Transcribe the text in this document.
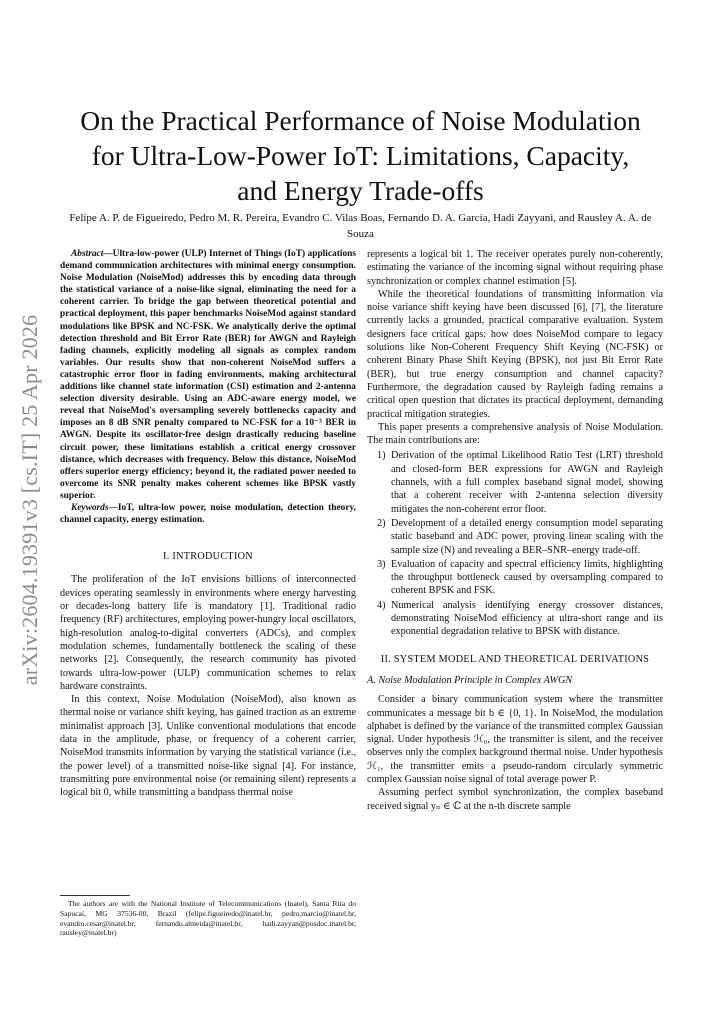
arXiv:2604.19391v3 [cs.IT] 25 Apr 2026
On the Practical Performance of Noise Modulation
for Ultra-Low-Power IoT: Limitations, Capacity,
and Energy Trade-offs
Felipe A. P. de Figueiredo, Pedro M. R. Pereira, Evandro C. Vilas Boas, Fernando D. A. García, Hadi Zayyani, and Rausley A. A. de Souza

Abstract—Ultra-low-power (ULP) Internet of Things (IoT) applications demand communication architectures with minimal energy consumption. Noise Modulation (NoiseMod) addresses this by encoding data through the statistical variance of a noise-like signal, eliminating the need for a coherent carrier. To bridge the gap between theoretical potential and practical deployment, this paper benchmarks NoiseMod against standard modulations like BPSK and NC-FSK. We analytically derive the optimal detection threshold and Bit Error Rate (BER) for AWGN and Rayleigh fading channels, explicitly modeling all signals as complex random variables. Our results show that non-coherent NoiseMod suffers a catastrophic error floor in fading environments, making architectural additions like channel state information (CSI) estimation and 2-antenna selection diversity desirable. Using an ADC-aware energy model, we reveal that NoiseMod's oversampling severely bottlenecks capacity and imposes an 8 dB SNR penalty compared to NC-FSK for a 10⁻³ BER in AWGN. Despite its oscillator-free design drastically reducing baseline circuit power, these limitations establish a critical energy crossover distance, which decreases with frequency. Below this distance, NoiseMod offers superior energy efficiency; beyond it, the radiated power needed to overcome its SNR penalty makes coherent schemes like BPSK vastly superior.

Keywords—IoT, ultra-low power, noise modulation, detection theory, channel capacity, energy estimation.

I. INTRODUCTION

The proliferation of the IoT envisions billions of interconnected devices operating seamlessly in environments where energy harvesting or decades-long battery life is mandatory [1]. Traditional radio frequency (RF) architectures, employing power-hungry local oscillators, high-resolution analog-to-digital converters (ADCs), and complex modulation schemes, fundamentally bottleneck the scaling of these networks [2]. Consequently, the research community has pivoted towards ultra-low-power (ULP) communication schemes to relax hardware constraints.

In this context, Noise Modulation (NoiseMod), also known as thermal noise or variance shift keying, has gained traction as an extreme minimalist approach [3]. Unlike conventional modulations that encode data in the amplitude, phase, or frequency of a coherent carrier, NoiseMod transmits information by varying the statistical variance (i.e., the power level) of a transmitted noise-like signal [4]. For instance, transmitting pure environmental noise (or remaining silent) represents a logical bit 0, while transmitting a bandpass thermal noise

represents a logical bit 1. The receiver operates purely non-coherently, estimating the variance of the incoming signal without requiring phase synchronization or complex channel estimation [5].

While the theoretical foundations of transmitting information via noise variance shift keying have been discussed [6], [7], the literature currently lacks a grounded, practical comparative evaluation. System designers face critical gaps: how does NoiseMod compare to legacy solutions like Non-Coherent Frequency Shift Keying (NC-FSK) or coherent Binary Phase Shift Keying (BPSK), not just Bit Error Rate (BER), but true energy consumption and channel capacity? Furthermore, the degradation caused by Rayleigh fading remains a critical open question that dictates its practical deployment, demanding practical mitigation strategies.

This paper presents a comprehensive analysis of Noise Modulation. The main contributions are:

1) Derivation of the optimal Likelihood Ratio Test (LRT) threshold and closed-form BER expressions for AWGN and Rayleigh channels, with a full complex baseband signal model, showing that a coherent receiver with 2-antenna selection diversity mitigates the non-coherent error floor.
2) Development of a detailed energy consumption model separating static baseband and ADC power, proving linear scaling with the sample size (N) and revealing a BER–SNR–energy trade-off.
3) Evaluation of capacity and spectral efficiency limits, highlighting the throughput bottleneck caused by oversampling compared to coherent BPSK and FSK.
4) Numerical analysis identifying energy crossover distances, demonstrating NoiseMod efficiency at ultra-short range and its exponential degradation relative to BPSK with distance.
II. SYSTEM MODEL AND THEORETICAL DERIVATIONS
A. Noise Modulation Principle in Complex AWGN

Consider a binary communication system where the transmitter communicates a message bit b ∈ {0, 1}. In NoiseMod, the modulation alphabet is defined by the variance of the transmitted complex Gaussian signal. Under hypothesis ℋ₀, the transmitter is silent, and the receiver observes only the complex background thermal noise. Under hypothesis ℋ₁, the transmitter emits a pseudo-random circularly symmetric complex Gaussian noise signal of total average power P.

Assuming perfect symbol synchronization, the complex baseband received signal yₙ ∈ ℂ at the n-th discrete sample

The authors are with the National Institute of Telecommunications (Inatel), Santa Rita do Sapucaí, MG 37536-00, Brazil (felipe.figueiredo@inatel.br, pedro.marcio@inatel.br, evandro.cesar@inatel.br, fernando.almeida@inatel.br, hadi.zayyan@posdoc.inatel.br, rausley@inatel.br)
